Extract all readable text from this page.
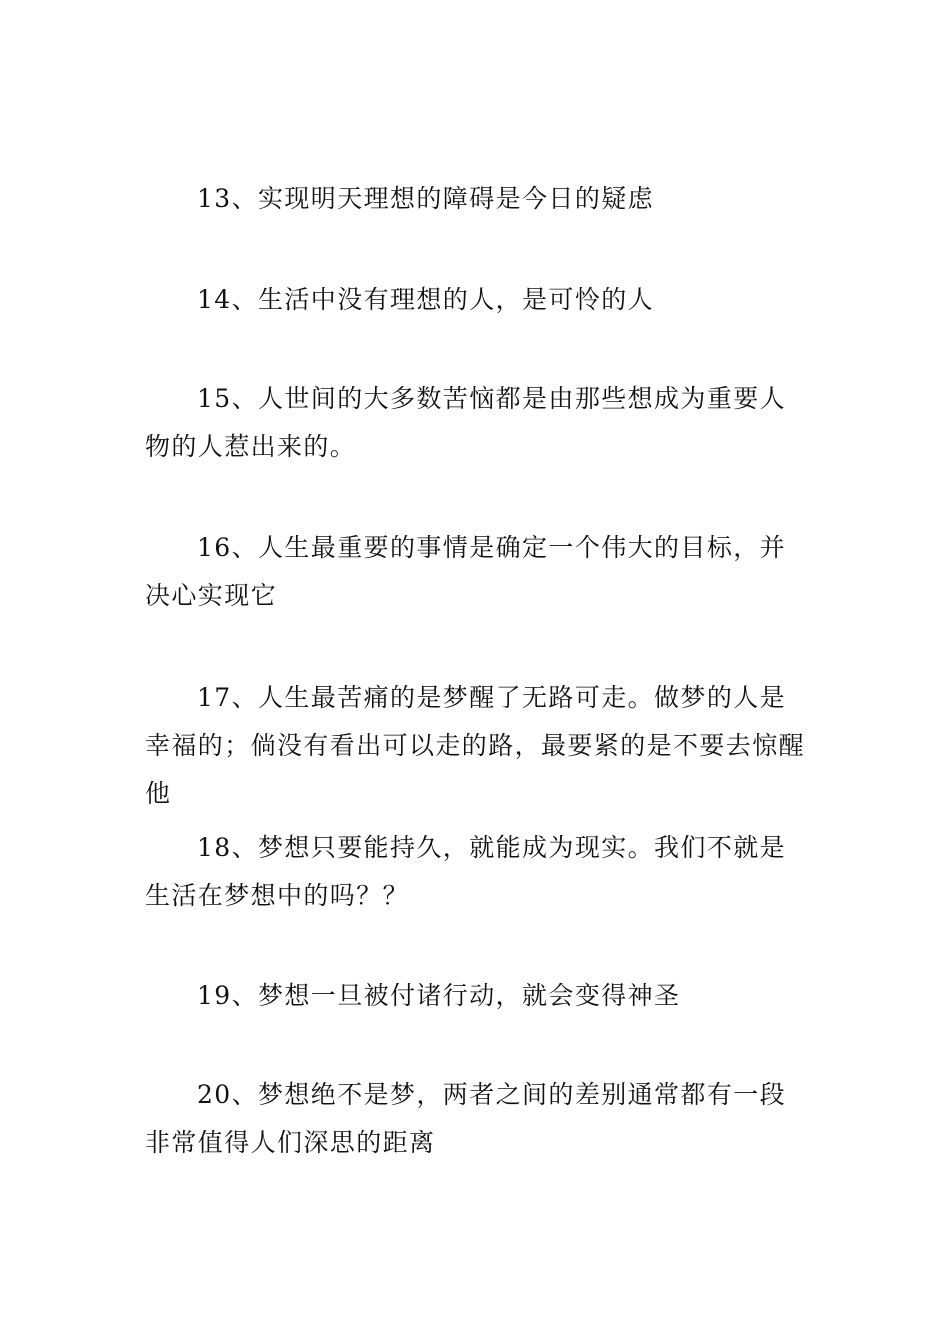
13、实现明天理想的障碍是今日的疑虑

14、生活中没有理想的人，是可怜的人

15、人世间的大多数苦恼都是由那些想成为重要人物的人惹出来的。

16、人生最重要的事情是确定一个伟大的目标，并决心实现它

17、人生最苦痛的是梦醒了无路可走。做梦的人是幸福的；倘没有看出可以走的路，最要紧的是不要去惊醒他

18、梦想只要能持久，就能成为现实。我们不就是生活在梦想中的吗？？

19、梦想一旦被付诸行动，就会变得神圣

20、梦想绝不是梦，两者之间的差别通常都有一段非常值得人们深思的距离
